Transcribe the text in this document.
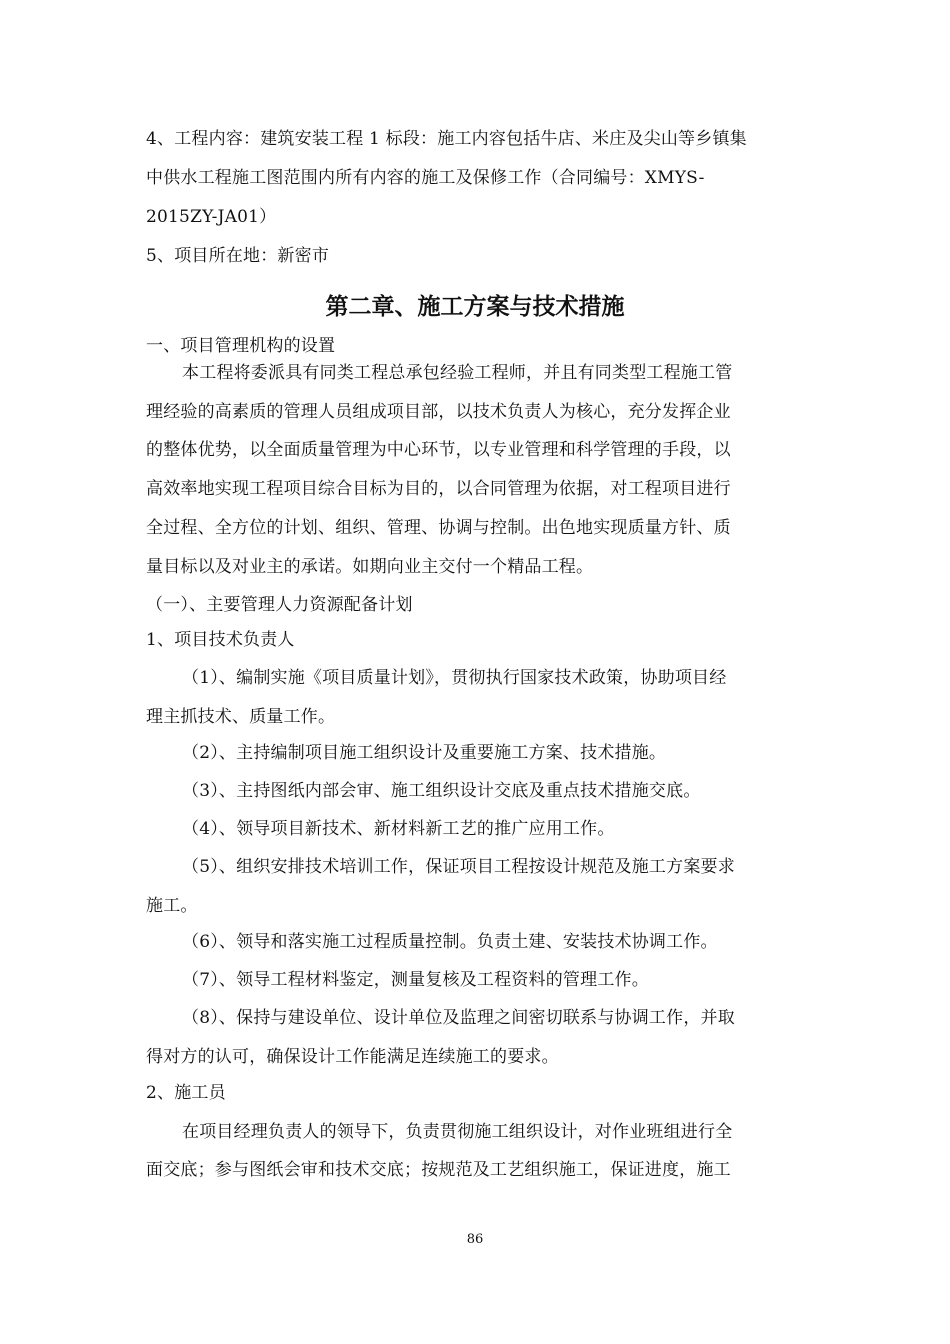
4、工程内容：建筑安装工程 1 标段：施工内容包括牛店、米庄及尖山等乡镇集
中供水工程施工图范围内所有内容的施工及保修工作（合同编号：XMYS-
2015ZY-JA01）
5、项目所在地：新密市
第二章、施工方案与技术措施
一、项目管理机构的设置
本工程将委派具有同类工程总承包经验工程师，并且有同类型工程施工管
理经验的高素质的管理人员组成项目部，以技术负责人为核心，充分发挥企业
的整体优势，以全面质量管理为中心环节，以专业管理和科学管理的手段，以
高效率地实现工程项目综合目标为目的，以合同管理为依据，对工程项目进行
全过程、全方位的计划、组织、管理、协调与控制。出色地实现质量方针、质
量目标以及对业主的承诺。如期向业主交付一个精品工程。
（一）、主要管理人力资源配备计划
1、项目技术负责人
（1）、编制实施《项目质量计划》，贯彻执行国家技术政策，协助项目经
理主抓技术、质量工作。
（2）、主持编制项目施工组织设计及重要施工方案、技术措施。
（3）、主持图纸内部会审、施工组织设计交底及重点技术措施交底。
（4）、领导项目新技术、新材料新工艺的推广应用工作。
（5）、组织安排技术培训工作，保证项目工程按设计规范及施工方案要求
施工。
（6）、领导和落实施工过程质量控制。负责土建、安装技术协调工作。
（7）、领导工程材料鉴定，测量复核及工程资料的管理工作。
（8）、保持与建设单位、设计单位及监理之间密切联系与协调工作，并取
得对方的认可，确保设计工作能满足连续施工的要求。
2、施工员
在项目经理负责人的领导下，负责贯彻施工组织设计，对作业班组进行全
面交底；参与图纸会审和技术交底；按规范及工艺组织施工，保证进度，施工
86
